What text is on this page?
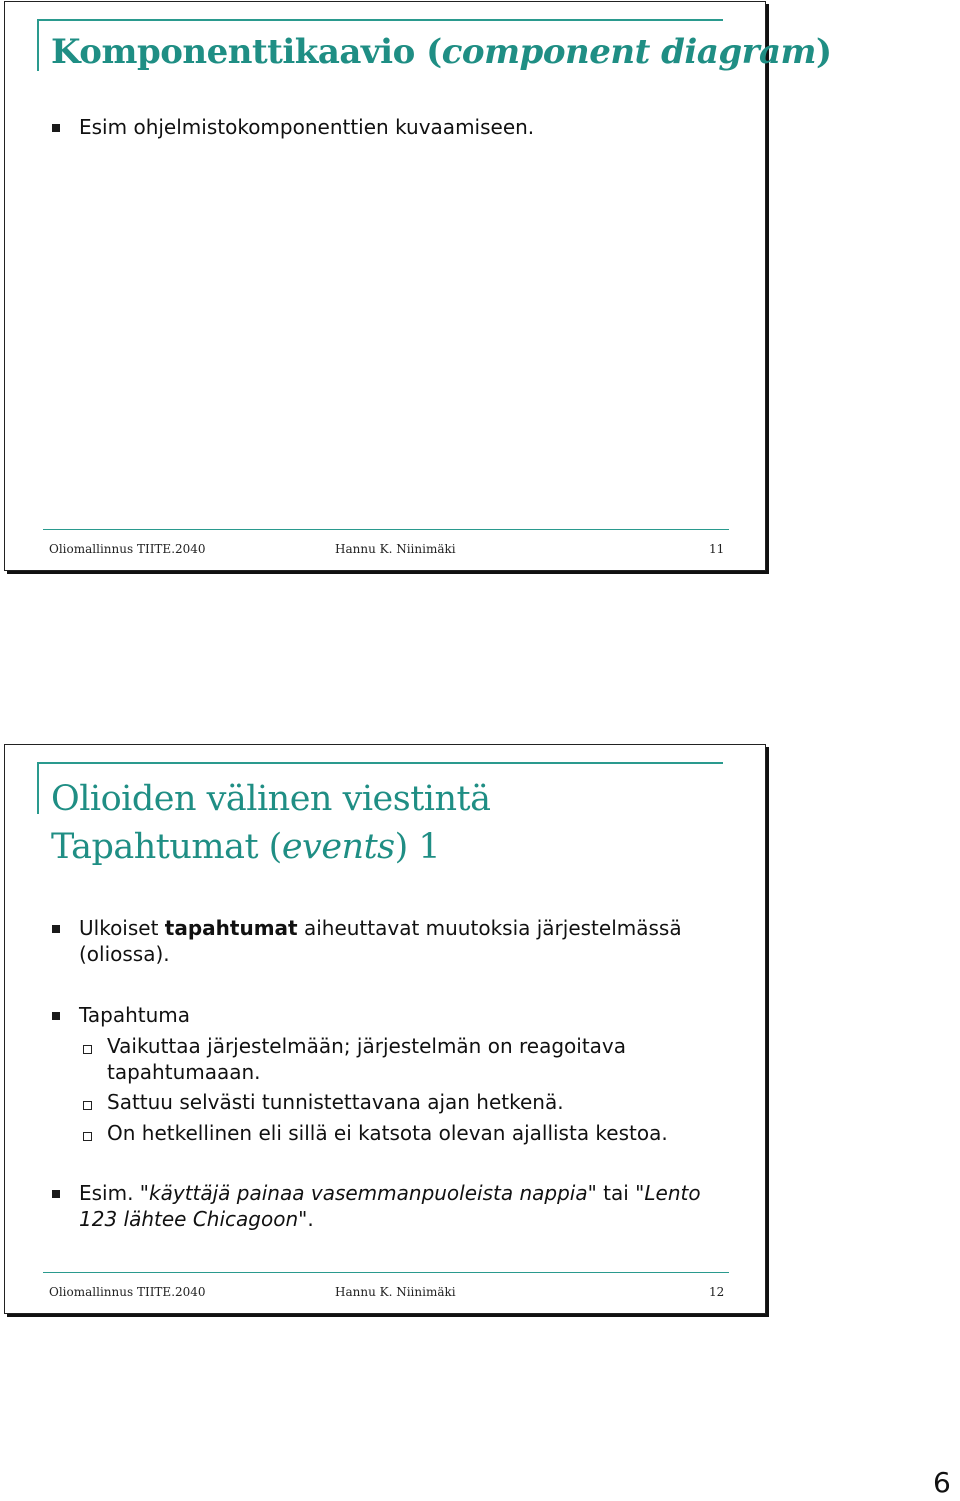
Komponenttikaavio (component diagram)
Esim ohjelmistokomponenttien kuvaamiseen.
Oliomallinnus TIITE.2040	Hannu K. Niinimäki	11
Olioiden välinen viestintä
Tapahtumat (events) 1
Ulkoiset tapahtumat aiheuttavat muutoksia järjestelmässä (oliossa).
Tapahtuma
Vaikuttaa järjestelmään; järjestelmän on reagoitava tapahtumaaan.
Sattuu selvästi tunnistettavana ajan hetkenä.
On hetkellinen eli sillä ei katsota olevan ajallista kestoa.
Esim. "käyttäjä painaa vasemmanpuoleista nappia" tai "Lento 123 lähtee Chicagoon".
Oliomallinnus TIITE.2040	Hannu K. Niinimäki	12
6
